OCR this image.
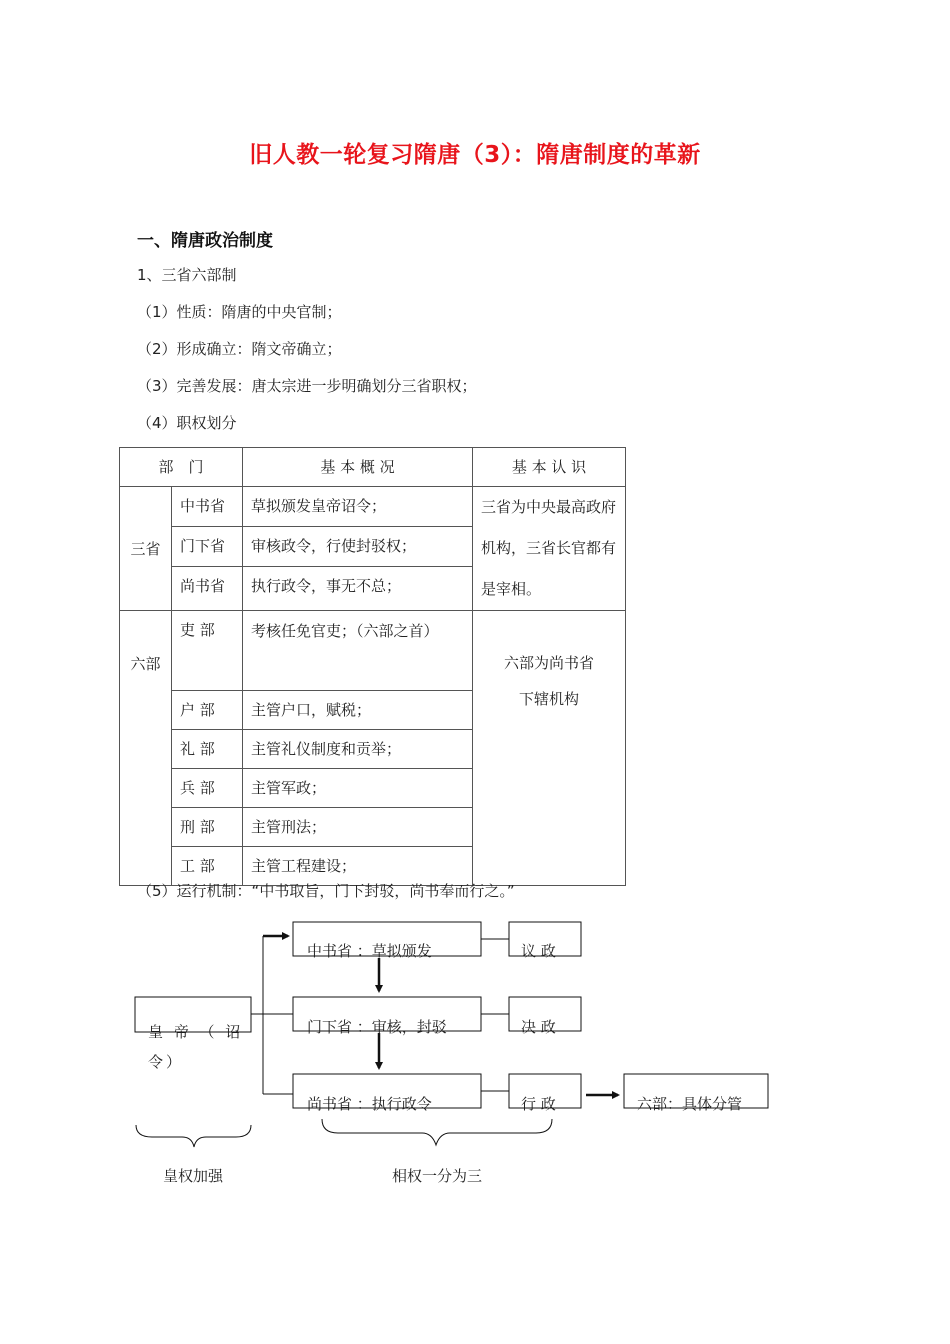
旧人教一轮复习隋唐（3）：隋唐制度的革新
一、隋唐政治制度
1、三省六部制
（1）性质：隋唐的中央官制；
（2）形成确立：隋文帝确立；
（3）完善发展：唐太宗进一步明确划分三省职权；
（4）职权划分
部　门		基 本 概 况	基 本 认 识
三省	中书省	草拟颁发皇帝诏令；	三省为中央最高政府机构，三省长官都有是宰相。
	门下省	审核政令，行使封驳权；	
	尚书省	执行政令，事无不总；	
六部	吏 部	考核任免官吏；（六部之首）	六部为尚书省
下辖机构

	户 部	主管户口，赋税；	
	礼 部	主管礼仪制度和贡举；	
	兵 部	主管军政；	
	刑 部	主管刑法；	
	工 部	主管工程建设；	
（5）运行机制：“中书取旨，门下封驳，尚书奉而行之。”
皇 帝 （ 诏令）
中书省 ：草拟颁发
门下省 ：审核，封驳
尚书省 ：执行政令
议 政
决 政
行 政	六部：具体分管
皇权加强	相权一分为三
